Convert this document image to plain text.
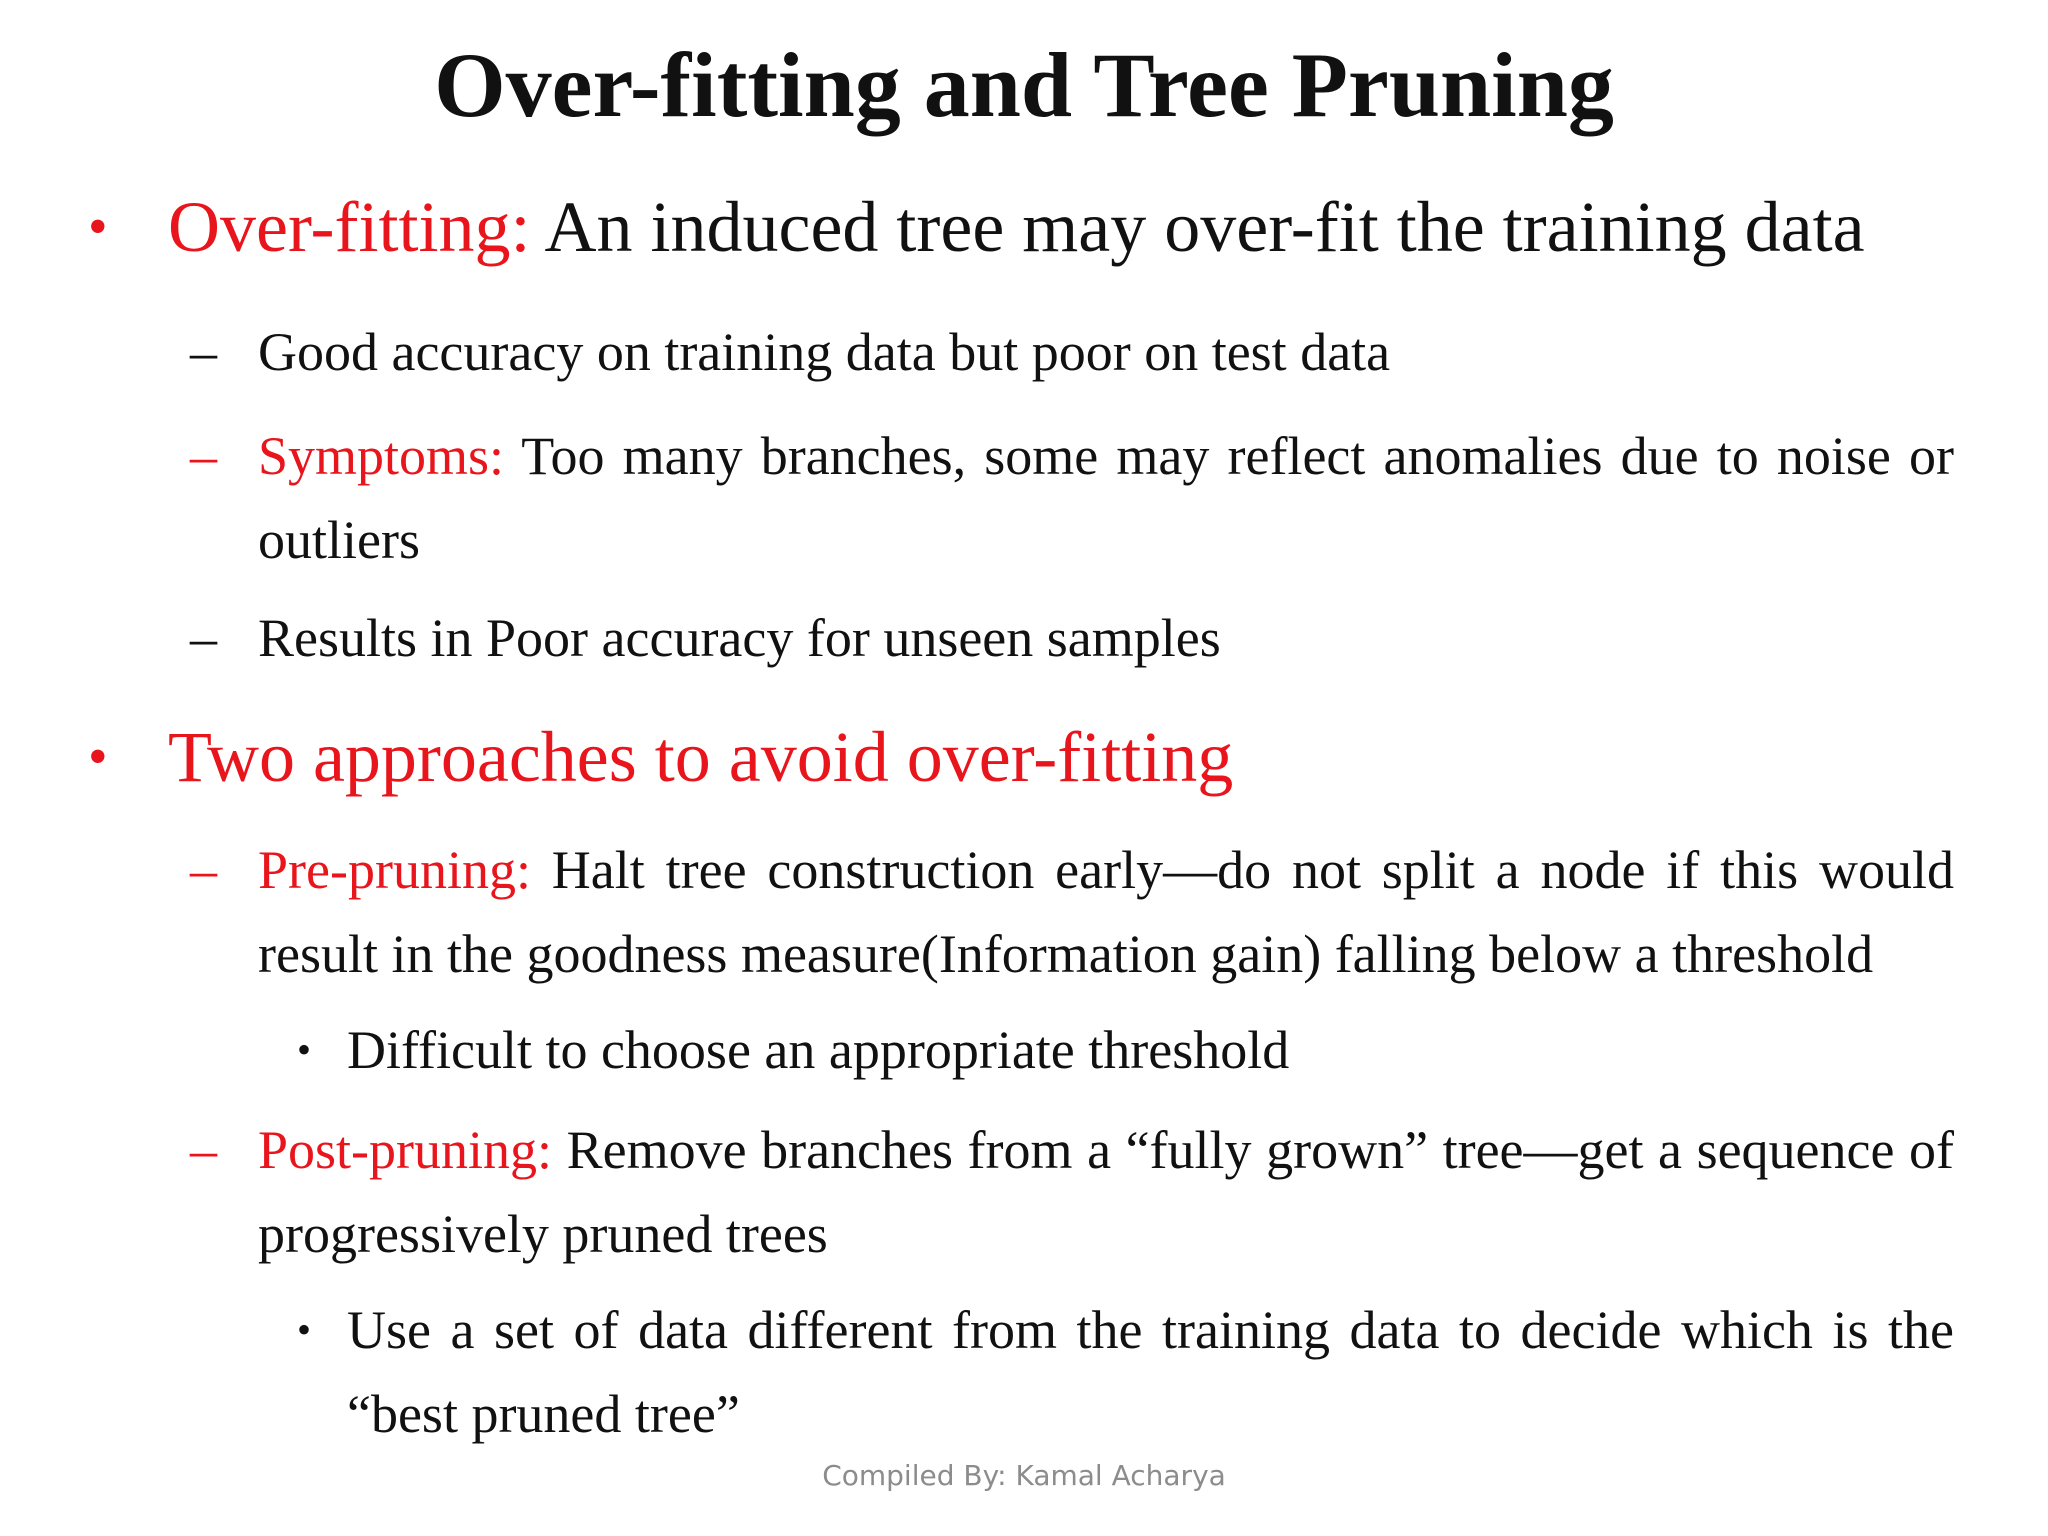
Over-fitting and Tree Pruning
• Over-fitting: An induced tree may over-fit the training data
– Good accuracy on training data but poor on test data
– Symptoms: Too many branches, some may reflect anomalies due to noise or outliers
– Results in Poor accuracy for unseen samples
• Two approaches to avoid over-fitting
– Pre-pruning: Halt tree construction early—do not split a node if this would result in the goodness measure(Information gain) falling below a threshold
• Difficult to choose an appropriate threshold
– Post-pruning: Remove branches from a “fully grown” tree—get a sequence of progressively pruned trees
• Use a set of data different from the training data to decide which is the “best pruned tree”
Compiled By: Kamal Acharya
